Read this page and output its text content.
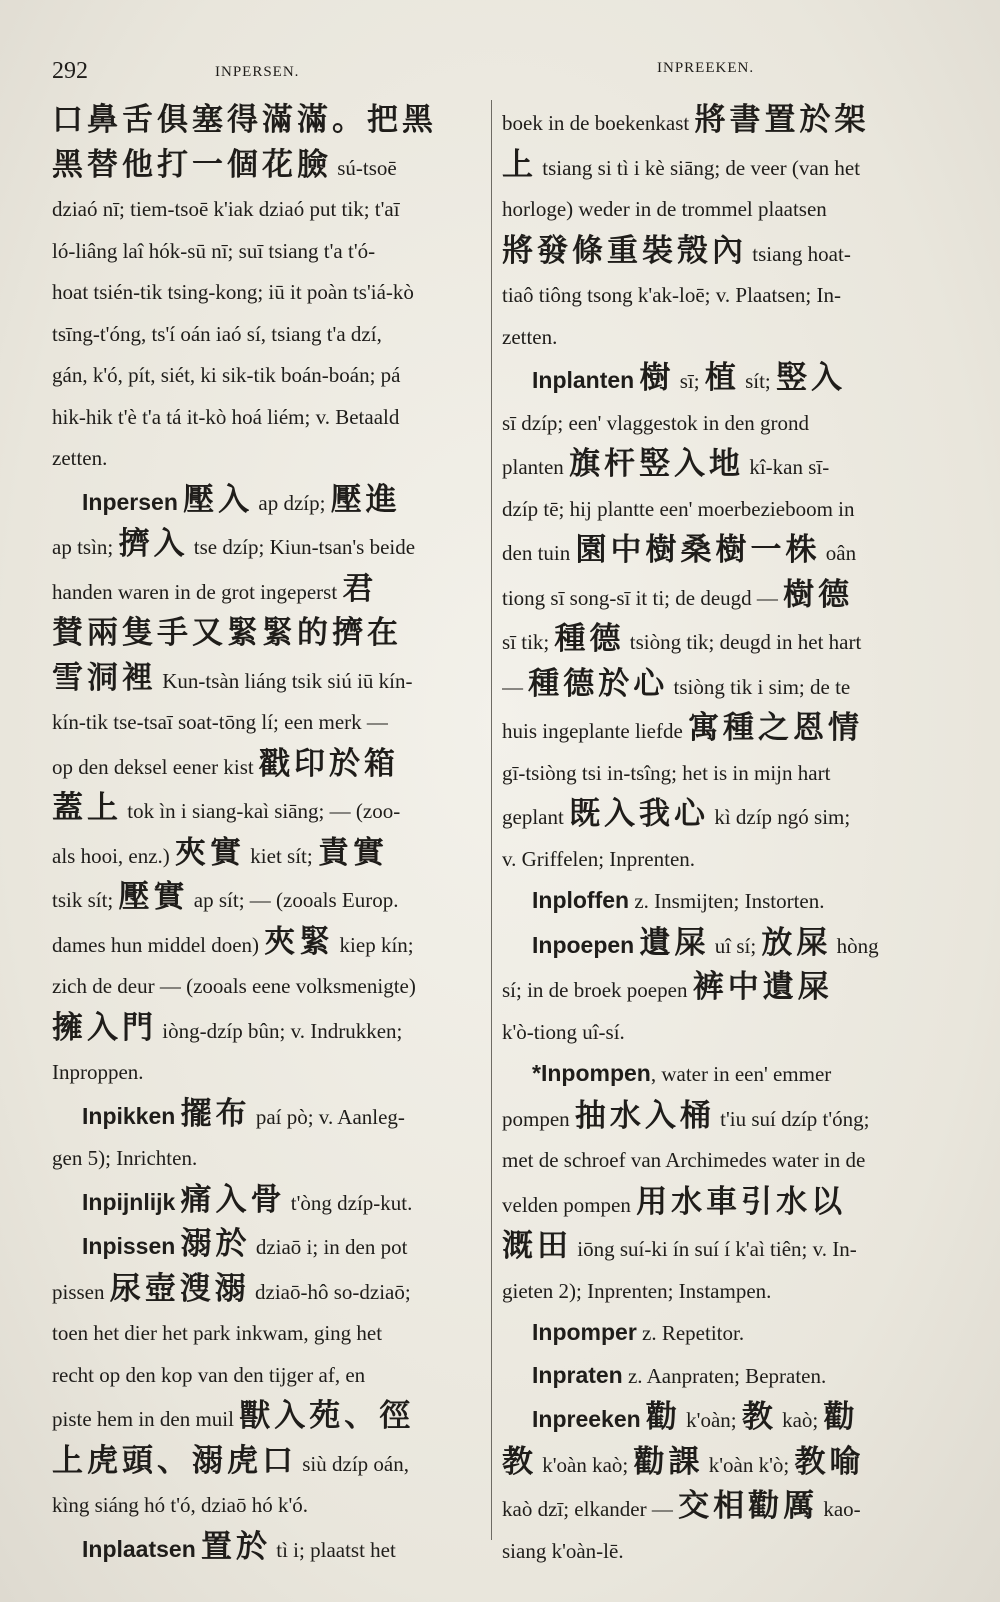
292	INPERSEN.	INPREEKEN.
口鼻舌俱塞得滿滿。把黑
黑替他打一個花臉 sú-tsoē
dziaó nī; tiem-tsoē k'iak dziaó put tik; t'aī
ló-liâng laî hók-sū nī; suī tsiang t'a t'ó-
hoat tsién-tik tsing-kong; iū it poàn ts'iá-kò
tsīng-t'óng, ts'í oán iaó sí, tsiang t'a dzí,
gán, k'ó, pít, siét, ki sik-tik boán-boán; pá
hik-hik t'è t'a tá it-kò hoá liém; v. Betaald
zetten.
Inpersen 壓入 ap dzíp; 壓進
ap tsìn; 擠入 tse dzíp; Kiun-tsan's beide
handen waren in de grot ingeperst 君
賛兩隻手又緊緊的擠在
雪洞裡 Kun-tsàn liáng tsik siú iū kín-
kín-tik tse-tsaī soat-tōng lí; een merk —
op den deksel eener kist 戳印於箱
蓋上 tok ìn i siang-kaì siāng; — (zoo-
als hooi, enz.) 夾實 kiet sít; 責實
tsik sít; 壓實 ap sít; — (zooals Europ.
dames hun middel doen) 夾緊 kiep kín;
zich de deur — (zooals eene volksmenigte)
擁入門 iòng-dzíp bûn; v. Indrukken;
Inproppen.
Inpikken 擺布 paí pò; v. Aanleg-
gen 5); Inrichten.
Inpijnlijk 痛入骨 t'òng dzíp-kut.
Inpissen 溺於 dziaō i; in den pot
pissen 尿壺溲溺 dziaō-hô so-dziaō;
toen het dier het park inkwam, ging het
recht op den kop van den tijger af, en
piste hem in den muil 獸入苑、徑
上虎頭、溺虎口 siù dzíp oán,
kìng siáng hó t'ó, dziaō hó k'ó.
Inplaatsen 置於 tì i; plaatst het
boek in de boekenkast 將書置於架
上 tsiang si tì i kè siāng; de veer (van het
horloge) weder in de trommel plaatsen
將發條重裝殼內 tsiang hoat-
tiaô tiông tsong k'ak-loē; v. Plaatsen; In-
zetten.
Inplanten 樹 sī; 植 sít; 竪入
sī dzíp; een' vlaggestok in den grond
planten 旗杆竪入地 kî-kan sī-
dzíp tē; hij plantte een' moerbezieboom in
den tuin 園中樹桑樹一株 oân
tiong sī song-sī it ti; de deugd — 樹德
sī tik; 種德 tsiòng tik; deugd in het hart
— 種德於心 tsiòng tik i sim; de te
huis ingeplante liefde 寓種之恩情
gī-tsiòng tsi in-tsîng; het is in mijn hart
geplant 既入我心 kì dzíp ngó sim;
v. Griffelen; Inprenten.
Inploffen z. Insmijten; Instorten.
Inpoepen 遺屎 uî sí; 放屎 hòng
sí; in de broek poepen 裤中遺屎
k'ò-tiong uî-sí.
*Inpompen, water in een' emmer
pompen 抽水入桶 t'iu suí dzíp t'óng;
met de schroef van Archimedes water in de
velden pompen 用水車引水以
溉田 iōng suí-ki ín suí í k'aì tiên; v. In-
gieten 2); Inprenten; Instampen.
Inpomper z. Repetitor.
Inpraten z. Aanpraten; Bepraten.
Inpreeken 勸 k'oàn; 教 kaò; 勸
教 k'oàn kaò; 勸課 k'oàn k'ò; 教喻
kaò dzī; elkander — 交相勸厲 kao-
siang k'oàn-lē.
